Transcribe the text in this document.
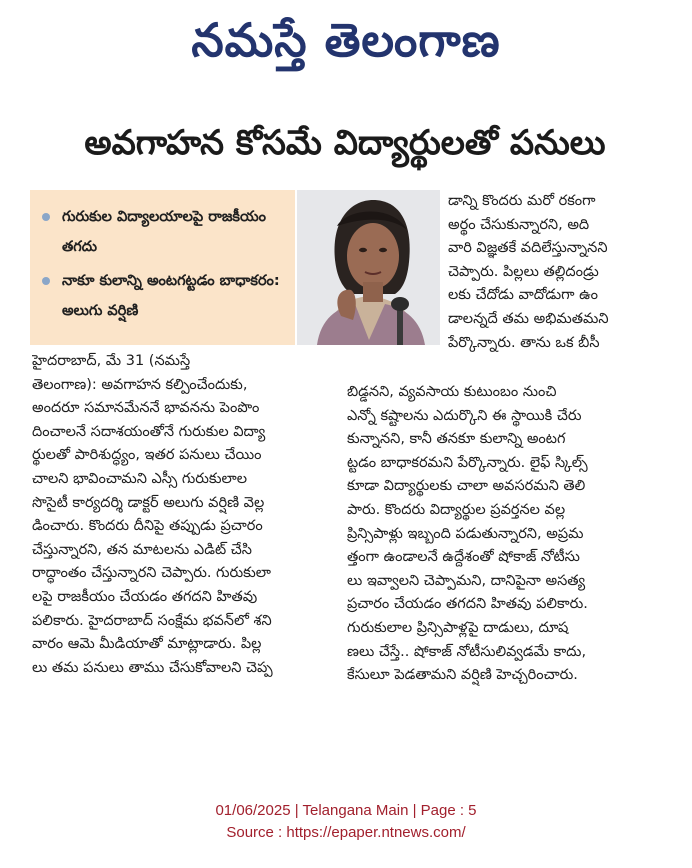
నమస్తే తెలంగాణ
అవగాహన కోసమే విద్యార్థులతో పనులు
గురుకుల విద్యాలయాలపై రాజకీయం తగదు
నాకూ కులాన్ని అంటగట్టడం బాధాకరం: అలుగు వర్షిణి

డాన్ని కొందరు మరో రకంగా

అర్థం చేసుకున్నారని, అది

వారి విజ్ఞతకే వదిలేస్తున్నానని

చెప్పారు. పిల్లలు తల్లిదండ్రు

లకు చేదోడు వాదోడుగా ఉం

డాలన్నదే తమ అభిమతమని

పేర్కొన్నారు. తాను ఒక బీసీ

హైదరాబాద్, మే 31 (నమస్తే

తెలంగాణ): అవగాహన కల్పించేందుకు,

అందరూ సమానమేననే భావనను పెంపొం

దించాలనే సదాశయంతోనే గురుకుల విద్యా

ర్థులతో పారిశుద్ధ్యం, ఇతర పనులు చేయిం

చాలని భావించామని ఎస్సీ గురుకులాల

సొసైటీ కార్యదర్శి డాక్టర్ అలుగు వర్షిణి వెల్ల

డించారు. కొందరు దీనిపై తప్పుడు ప్రచారం

చేస్తున్నారని, తన మాటలను ఎడిట్ చేసి

రాద్ధాంతం చేస్తున్నారని చెప్పారు. గురుకులా

లపై రాజకీయం చేయడం తగదని హితవు

పలికారు. హైదరాబాద్ సంక్షేమ భవన్‌లో శని

వారం ఆమె మీడియాతో మాట్లాడారు. పిల్ల

లు తమ పనులు తాము చేసుకోవాలని చెప్ప

బిడ్డనని, వ్యవసాయ కుటుంబం నుంచి

ఎన్నో కష్టాలను ఎదుర్కొని ఈ స్థాయికి చేరు

కున్నానని, కానీ తనకూ కులాన్ని అంటగ

ట్టడం బాధాకరమని పేర్కొన్నారు. లైఫ్ స్కిల్స్

కూడా విద్యార్థులకు చాలా అవసరమని తెలి

పారు. కొందరు విద్యార్థుల ప్రవర్తనల వల్ల

ప్రిన్సిపాళ్లు ఇబ్బంది పడుతున్నారని, అప్రమ

త్తంగా ఉండాలనే ఉద్దేశంతో షోకాజ్ నోటీసు

లు ఇవ్వాలని చెప్పామని, దానిపైనా అసత్య

ప్రచారం చేయడం తగదని హితవు పలికారు.

గురుకులాల ప్రిన్సిపాళ్లపై దాడులు, దూష

ణలు చేస్తే.. షోకాజ్ నోటీసులివ్వడమే కాదు,

కేసులూ పెడతామని వర్షిణి హెచ్చరించారు.

01/06/2025 | Telangana Main | Page : 5
Source : https://epaper.ntnews.com/
